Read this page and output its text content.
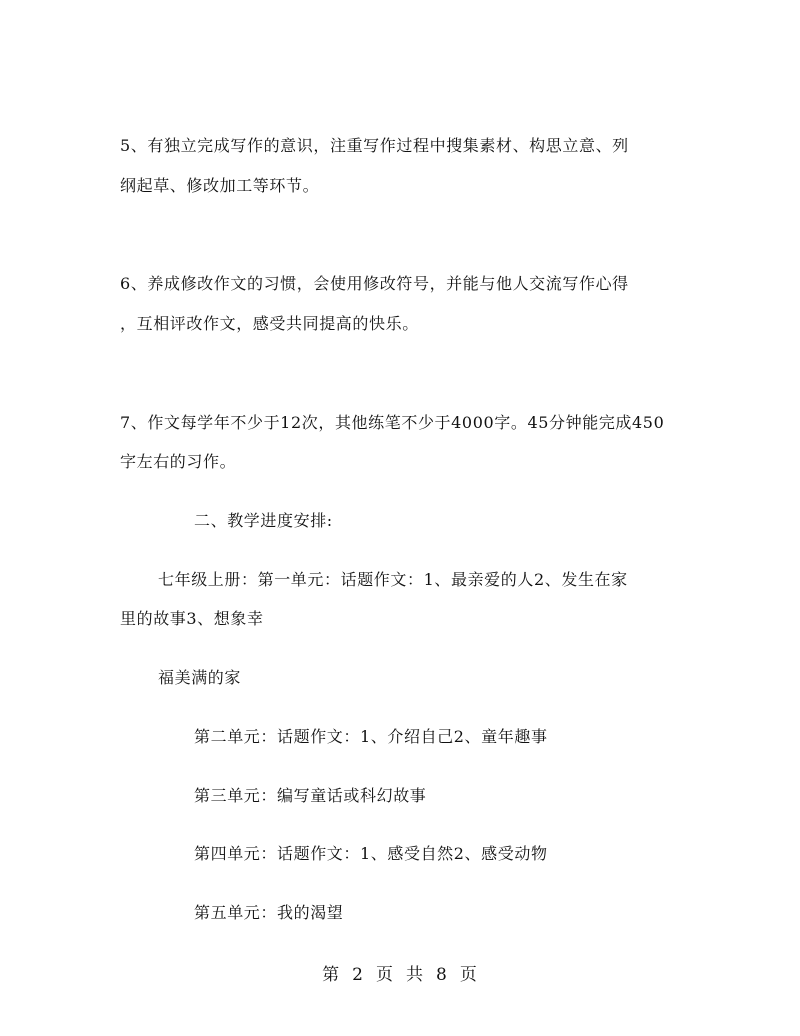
5、有独立完成写作的意识，注重写作过程中搜集素材、构思立意、列
纲起草、修改加工等环节。
6、养成修改作文的习惯，会使用修改符号，并能与他人交流写作心得
，互相评改作文，感受共同提高的快乐。
7、作文每学年不少于12次，其他练笔不少于4000字。45分钟能完成450
字左右的习作。
二、教学进度安排:
七年级上册：第一单元：话题作文：1、最亲爱的人2、发生在家
里的故事3、想象幸
福美满的家
第二单元：话题作文：1、介绍自己2、童年趣事
第三单元：编写童话或科幻故事
第四单元：话题作文：1、感受自然2、感受动物
第五单元：我的渴望
第 2 页 共 8 页
